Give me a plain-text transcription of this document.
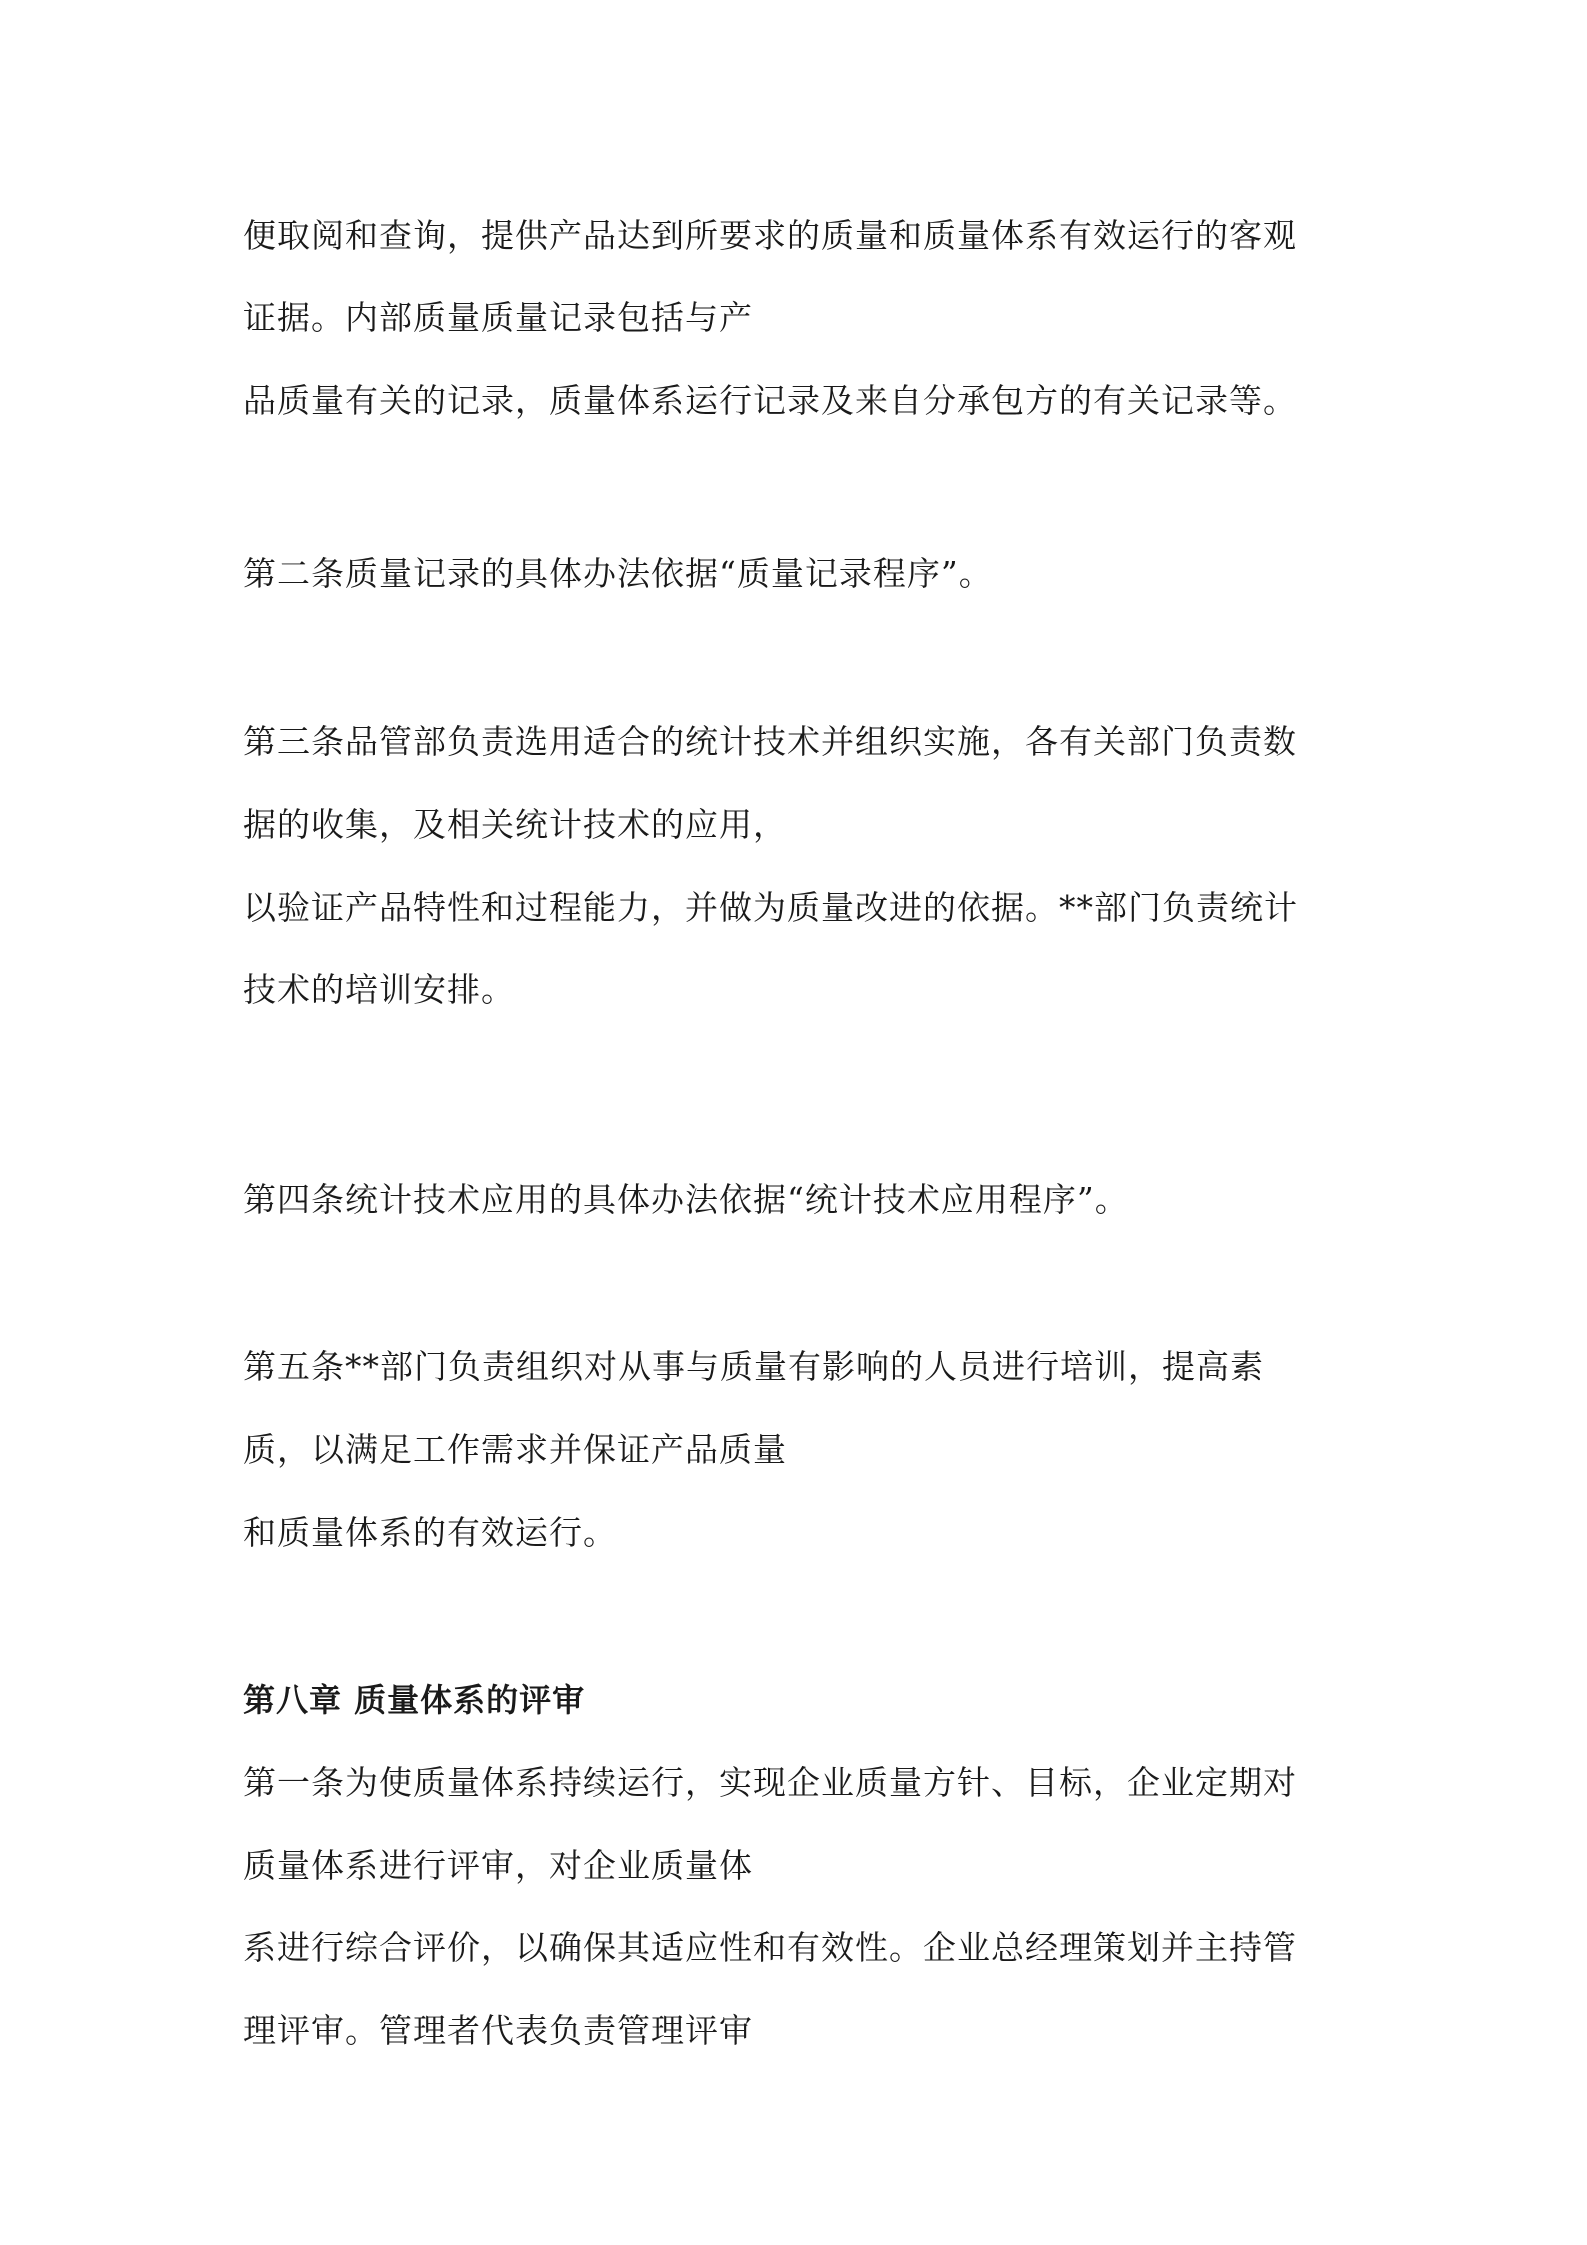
便取阅和查询，提供产品达到所要求的质量和质量体系有效运行的客观

证据。内部质量质量记录包括与产

品质量有关的记录，质量体系运行记录及来自分承包方的有关记录等。

第二条质量记录的具体办法依据“质量记录程序”。

第三条品管部负责选用适合的统计技术并组织实施，各有关部门负责数

据的收集，及相关统计技术的应用，

以验证产品特性和过程能力，并做为质量改进的依据。**部门负责统计

技术的培训安排。

第四条统计技术应用的具体办法依据“统计技术应用程序”。

第五条**部门负责组织对从事与质量有影响的人员进行培训，提高素

质，以满足工作需求并保证产品质量

和质量体系的有效运行。

第八章 质量体系的评审

第一条为使质量体系持续运行，实现企业质量方针、目标，企业定期对

质量体系进行评审，对企业质量体

系进行综合评价，以确保其适应性和有效性。企业总经理策划并主持管

理评审。管理者代表负责管理评审
